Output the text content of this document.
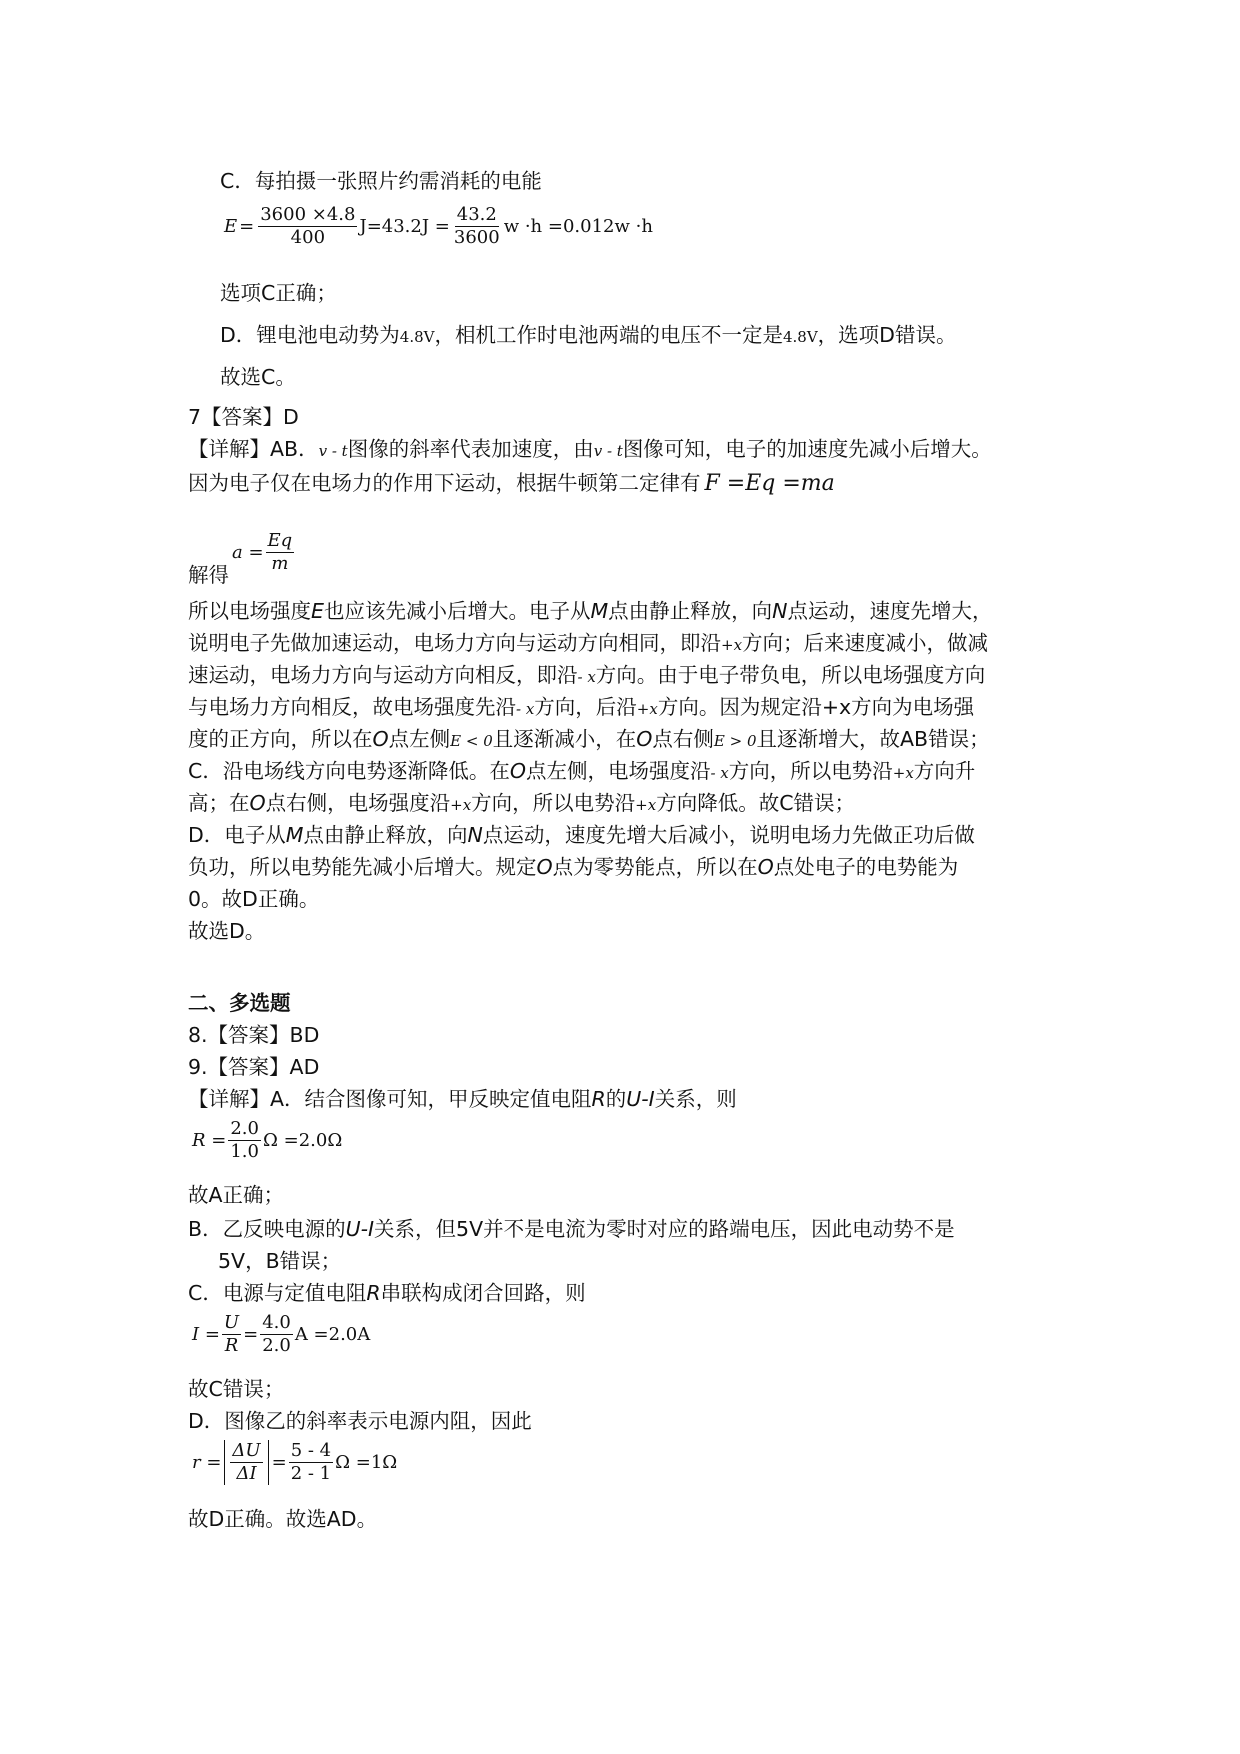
C．每拍摄一张照片约需消耗的电能
$E = \frac{3600 \times 4.8}{400} J=43.2J = \frac{43.2}{3600}$ w ·h =0.012w ·h
选项C正确；
D．锂电池电动势为4.8V，相机工作时电池两端的电压不一定是4.8V，选项D错误。
故选C。
7【答案】D
【详解】AB．v - t图像的斜率代表加速度，由v - t图像可知，电子的加速度先减小后增大。
因为电子仅在电场力的作用下运动，根据牛顿第二定律有 F =Eq =ma
解得
$a = \frac{Eq}{m}$
所以电场强度E也应该先减小后增大。电子从M点由静止释放，向N点运动，速度先增大，
说明电子先做加速运动，电场力方向与运动方向相同，即沿+x方向；后来速度减小，做减
速运动，电场力方向与运动方向相反，即沿- x方向。由于电子带负电，所以电场强度方向
与电场力方向相反，故电场强度先沿- x方向，后沿+x方向。因为规定沿+x方向为电场强
度的正方向，所以在O点左侧E < 0且逐渐减小，在O点右侧E > 0且逐渐增大，故AB错误；
C．沿电场线方向电势逐渐降低。在O点左侧，电场强度沿- x方向，所以电势沿+x方向升
高；在O点右侧，电场强度沿+x方向，所以电势沿+x方向降低。故C错误；
D．电子从M点由静止释放，向N点运动，速度先增大后减小，说明电场力先做正功后做
负功，所以电势能先减小后增大。规定O点为零势能点，所以在O点处电子的电势能为
0。故D正确。
故选D。
二、多选题
8.【答案】BD
9.【答案】AD
【详解】A．结合图像可知，甲反映定值电阻R的U-I关系，则
$R = \frac{2.0}{1.0}$ Ω =2.0Ω
故A正确；
B．乙反映电源的U-I关系，但5V并不是电流为零时对应的路端电压，因此电动势不是
5V，B错误；
C．电源与定值电阻R串联构成闭合回路，则
$I = \frac{U}{R} = \frac{4.0}{2.0}$ A =2.0A
故C错误；
D．图像乙的斜率表示电源内阻，因此
$r = \frac{\Delta U}{\Delta I} = \frac{5 - 4}{2 - 1}$ Ω =1Ω
故D正确。故选AD。
